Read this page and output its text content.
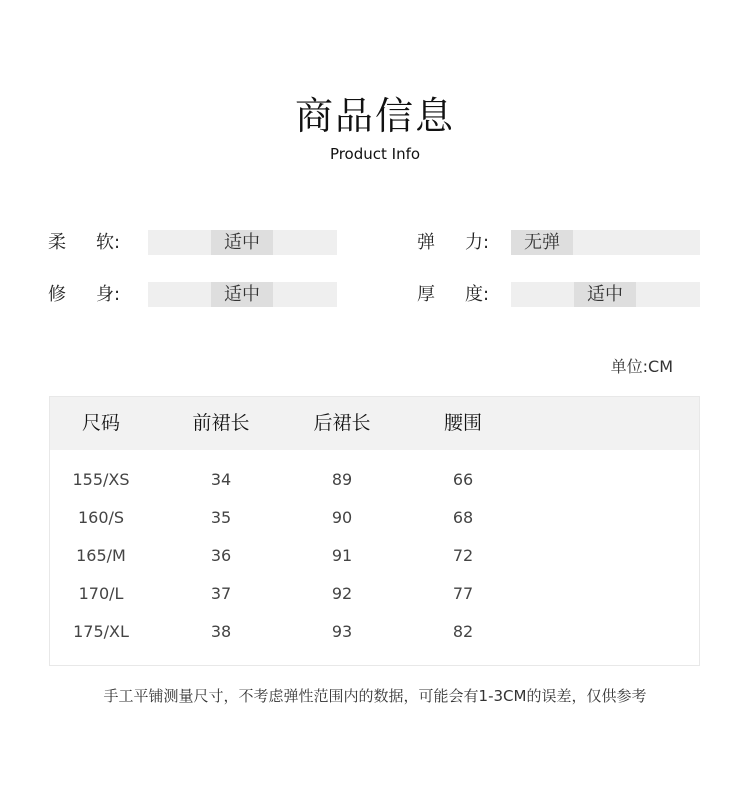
商品信息
Product Info
柔 软:	适中	弹 力:	无弹
修 身:	适中	厚 度:	适中
单位:CM
尺码	前裙长	后裙长	腰围
155/XS	34	89	66
160/S	35	90	68
165/M	36	91	72
170/L	37	92	77
175/XL	38	93	82
手工平铺测量尺寸，不考虑弹性范围内的数据，可能会有1-3CM的误差，仅供参考
